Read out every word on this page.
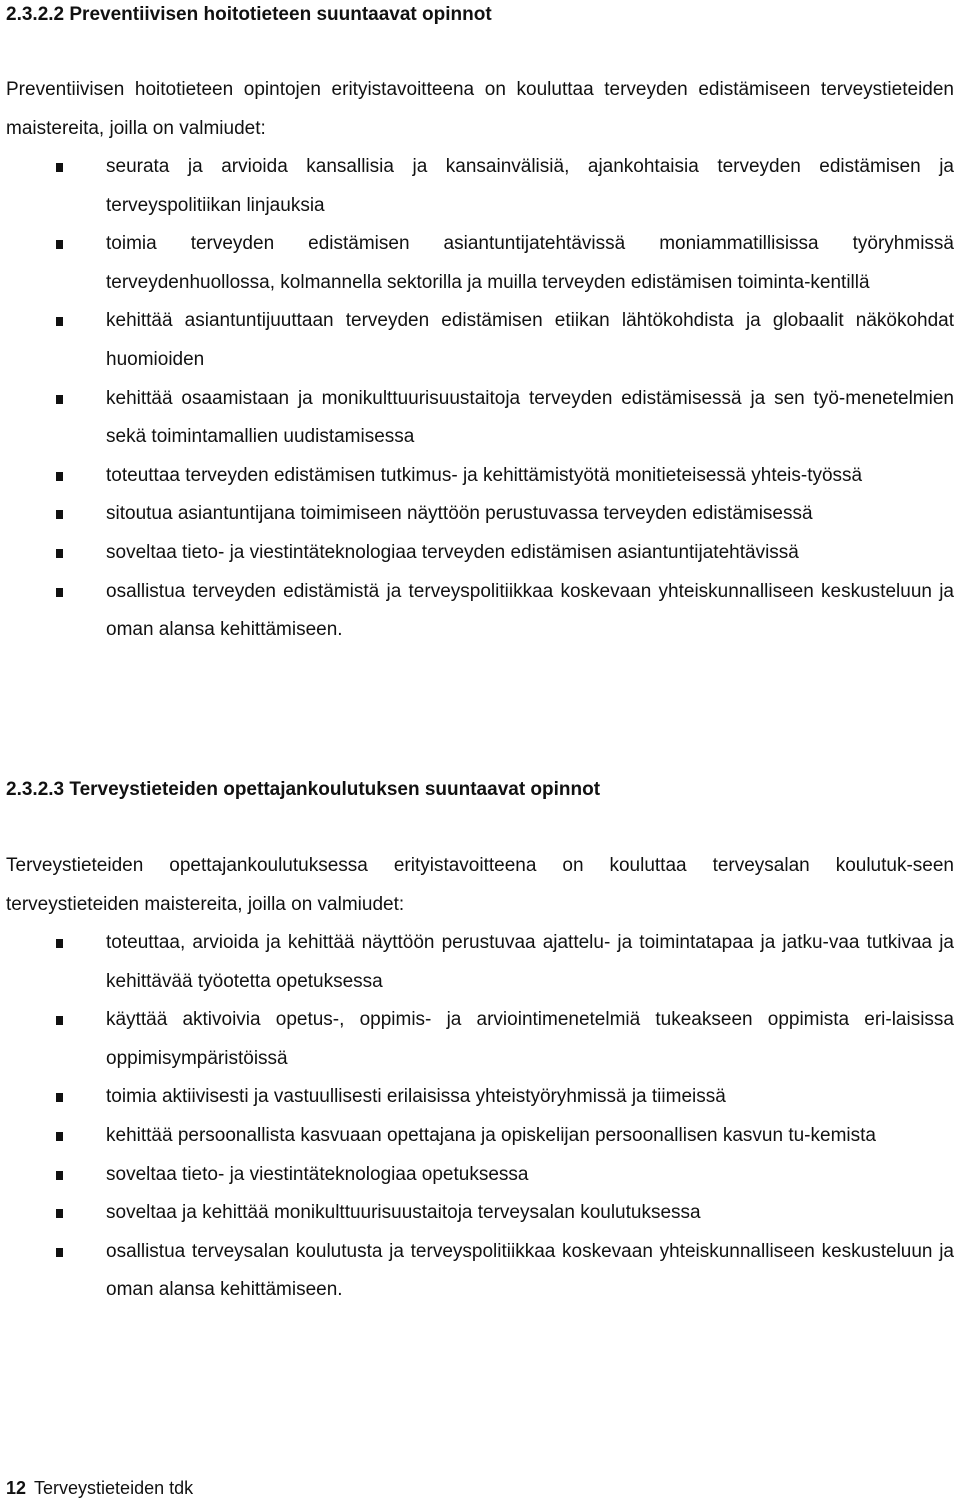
2.3.2.2 Preventiivisen hoitotieteen suuntaavat opinnot

Preventiivisen hoitotieteen opintojen erityistavoitteena on kouluttaa terveyden edistämiseen terveystieteiden maistereita, joilla on valmiudet:

seurata ja arvioida kansallisia ja kansainvälisiä, ajankohtaisia terveyden edistämisen ja terveyspolitiikan linjauksia
toimia terveyden edistämisen asiantuntijatehtävissä moniammatillisissa työryhmissä terveydenhuollossa, kolmannella sektorilla ja muilla terveyden edistämisen toiminta-kentillä
kehittää asiantuntijuuttaan terveyden edistämisen etiikan lähtökohdista ja globaalit näkökohdat huomioiden
kehittää osaamistaan ja monikulttuurisuustaitoja terveyden edistämisessä ja sen työ-menetelmien sekä toimintamallien uudistamisessa
toteuttaa terveyden edistämisen tutkimus- ja kehittämistyötä monitieteisessä yhteis-työssä
sitoutua asiantuntijana toimimiseen näyttöön perustuvassa terveyden edistämisessä
soveltaa tieto- ja viestintäteknologiaa terveyden edistämisen asiantuntijatehtävissä
osallistua terveyden edistämistä ja terveyspolitiikkaa koskevaan yhteiskunnalliseen keskusteluun ja oman alansa kehittämiseen.
2.3.2.3 Terveystieteiden opettajankoulutuksen suuntaavat opinnot

Terveystieteiden opettajankoulutuksessa erityistavoitteena on kouluttaa terveysalan koulutuk-seen terveystieteiden maistereita, joilla on valmiudet:

toteuttaa, arvioida ja kehittää näyttöön perustuvaa ajattelu- ja toimintatapaa ja jatku-vaa tutkivaa ja kehittävää työotetta opetuksessa
käyttää aktivoivia opetus-, oppimis- ja arviointimenetelmiä tukeakseen oppimista eri-laisissa oppimisympäristöissä
toimia aktiivisesti ja vastuullisesti erilaisissa yhteistyöryhmissä ja tiimeissä
kehittää persoonallista kasvuaan opettajana ja opiskelijan persoonallisen kasvun tu-kemista
soveltaa tieto- ja viestintäteknologiaa opetuksessa
soveltaa ja kehittää monikulttuurisuustaitoja terveysalan koulutuksessa
osallistua terveysalan koulutusta ja terveyspolitiikkaa koskevaan yhteiskunnalliseen keskusteluun ja oman alansa kehittämiseen.
12 Terveystieteiden tdk
